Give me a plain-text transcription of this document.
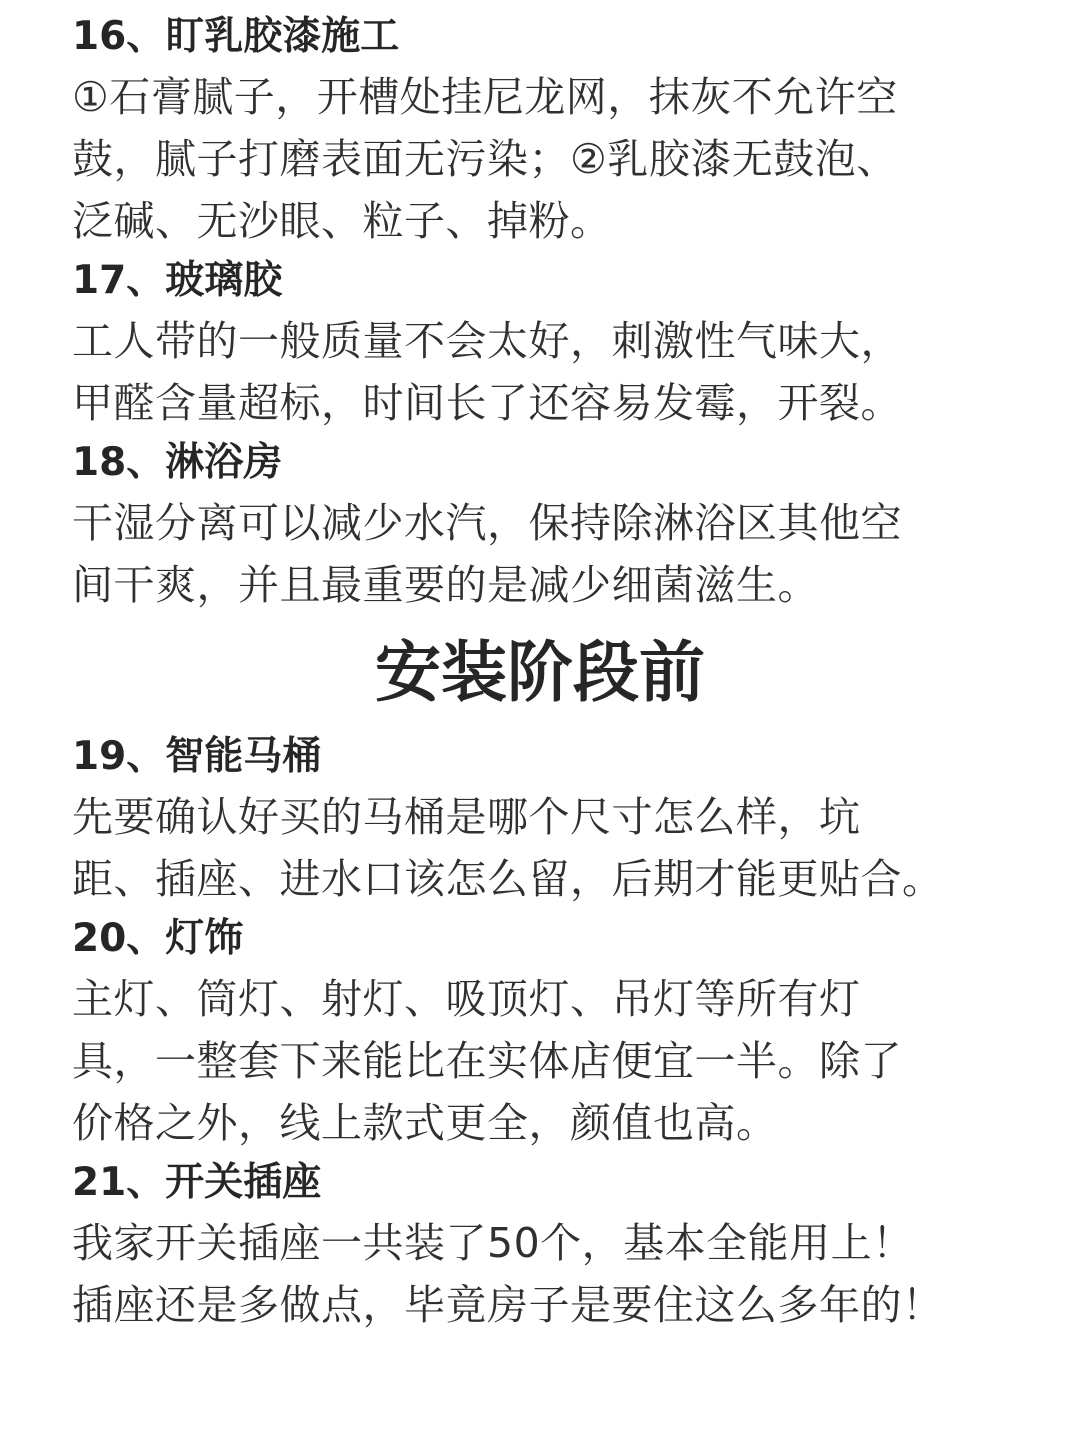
16、盯乳胶漆施工
①石膏腻子，开槽处挂尼龙网，抹灰不允许空
鼓，腻子打磨表面无污染；②乳胶漆无鼓泡、
泛碱、无沙眼、粒子、掉粉。
17、玻璃胶
工人带的一般质量不会太好，刺激性气味大，
甲醛含量超标，时间长了还容易发霉，开裂。
18、淋浴房
干湿分离可以减少水汽，保持除淋浴区其他空
间干爽，并且最重要的是减少细菌滋生。
安装阶段前
19、智能马桶
先要确认好买的马桶是哪个尺寸怎么样，坑
距、插座、进水口该怎么留，后期才能更贴合。
20、灯饰
主灯、筒灯、射灯、吸顶灯、吊灯等所有灯
具，一整套下来能比在实体店便宜一半。除了
价格之外，线上款式更全，颜值也高。
21、开关插座
我家开关插座一共装了50个，基本全能用上！
插座还是多做点，毕竟房子是要住这么多年的！
